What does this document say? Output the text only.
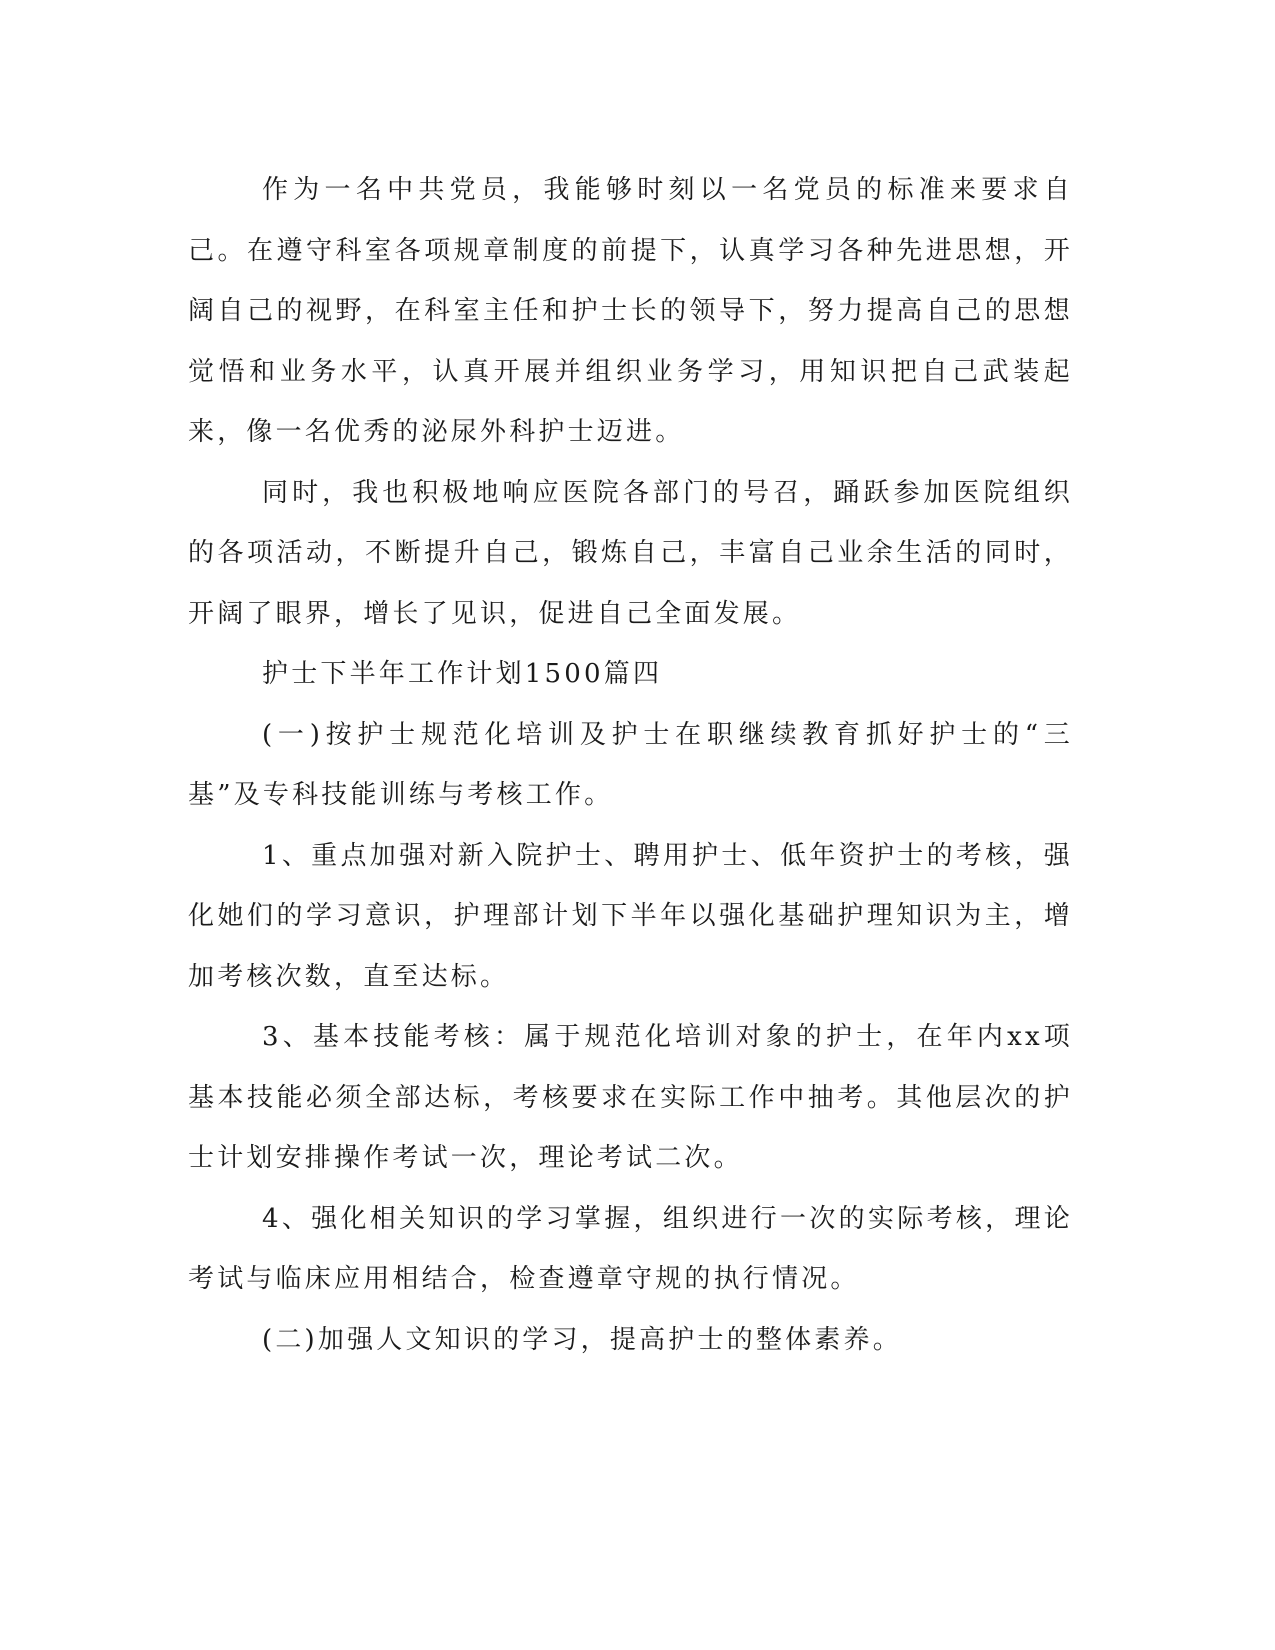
作为一名中共党员，我能够时刻以一名党员的标准来要求自己。在遵守科室各项规章制度的前提下，认真学习各种先进思想，开阔自己的视野，在科室主任和护士长的领导下，努力提高自己的思想觉悟和业务水平，认真开展并组织业务学习，用知识把自己武装起来，像一名优秀的泌尿外科护士迈进。

同时，我也积极地响应医院各部门的号召，踊跃参加医院组织的各项活动，不断提升自己，锻炼自己，丰富自己业余生活的同时，开阔了眼界，增长了见识，促进自己全面发展。

护士下半年工作计划1500篇四

(一)按护士规范化培训及护士在职继续教育抓好护士的“三基”及专科技能训练与考核工作。

1、重点加强对新入院护士、聘用护士、低年资护士的考核，强化她们的学习意识，护理部计划下半年以强化基础护理知识为主，增加考核次数，直至达标。

3、基本技能考核：属于规范化培训对象的护士，在年内xx项基本技能必须全部达标，考核要求在实际工作中抽考。其他层次的护士计划安排操作考试一次，理论考试二次。

4、强化相关知识的学习掌握，组织进行一次的实际考核，理论考试与临床应用相结合，检查遵章守规的执行情况。

(二)加强人文知识的学习，提高护士的整体素养。
